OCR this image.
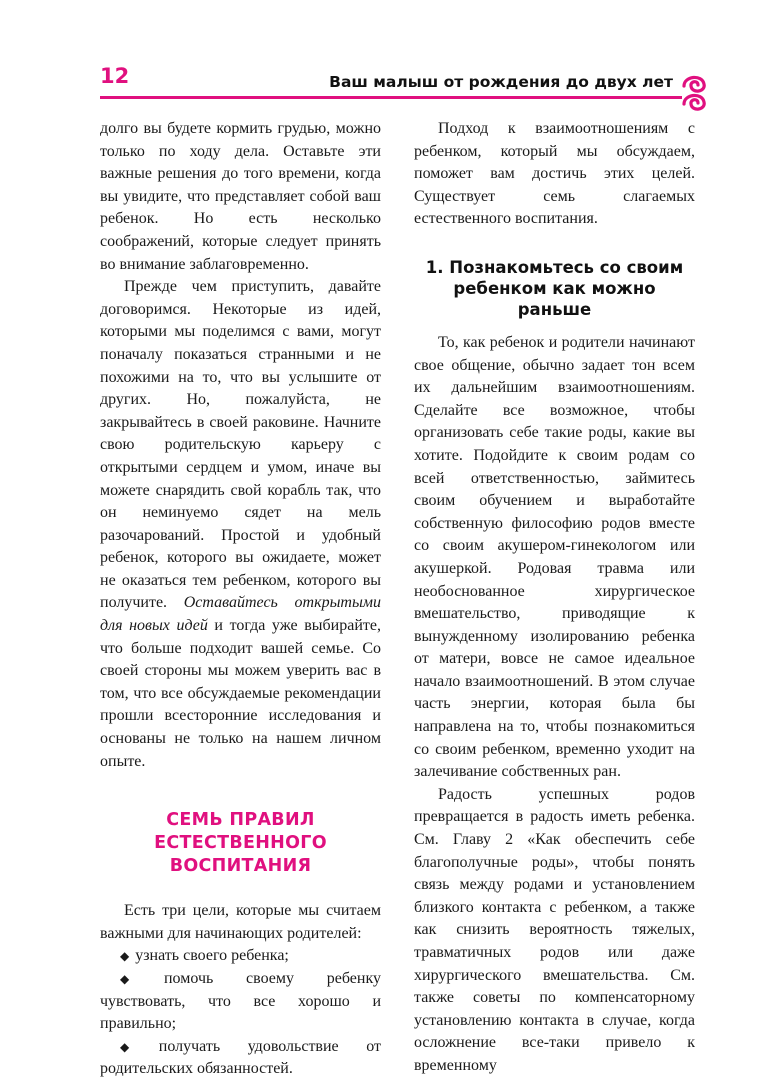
12	Ваш малыш от рождения до двух лет

долго вы будете кормить грудью, можно только по ходу дела. Оставьте эти важные решения до того времени, когда вы увидите, что представляет собой ваш ребенок. Но есть несколько соображений, которые следует принять во внимание заблаговременно.

Прежде чем приступить, давайте договоримся. Некоторые из идей, которыми мы поделимся с вами, могут поначалу показаться странными и не похожими на то, что вы услышите от других. Но, пожалуйста, не закрывайтесь в своей раковине. Начните свою родительскую карьеру с открытыми сердцем и умом, иначе вы можете снарядить свой корабль так, что он неминуемо сядет на мель разочарований. Простой и удобный ребенок, которого вы ожидаете, может не оказаться тем ребенком, которого вы получите. Оставайтесь открытыми для новых идей и тогда уже выбирайте, что больше подходит вашей семье. Со своей стороны мы можем уверить вас в том, что все обсуждаемые рекомендации прошли всесторонние исследования и основаны не только на нашем личном опыте.

СЕМЬ ПРАВИЛ
ЕСТЕСТВЕННОГО
ВОСПИТАНИЯ

Есть три цели, которые мы считаем важными для начинающих родителей:

◆ узнать своего ребенка;
◆ помочь своему ребенку чувствовать, что все хорошо и правильно;
◆ получать удовольствие от родительских обязанностей.

Подход к взаимоотношениям с ребенком, который мы обсуждаем, поможет вам достичь этих целей. Существует семь слагаемых естественного воспитания.

1. Познакомьтесь со своим
ребенком как можно
раньше

То, как ребенок и родители начинают свое общение, обычно задает тон всем их дальнейшим взаимоотношениям. Сделайте все возможное, чтобы организовать себе такие роды, какие вы хотите. Подойдите к своим родам со всей ответственностью, займитесь своим обучением и выработайте собственную философию родов вместе со своим акушером-гинекологом или акушеркой. Родовая травма или необоснованное хирургическое вмешательство, приводящие к вынужденному изолированию ребенка от матери, вовсе не самое идеальное начало взаимоотношений. В этом случае часть энергии, которая была бы направлена на то, чтобы познакомиться со своим ребенком, временно уходит на залечивание собственных ран.

Радость успешных родов превращается в радость иметь ребенка. См. Главу 2 «Как обеспечить себе благополучные роды», чтобы понять связь между родами и установлением близкого контакта с ребенком, а также как снизить вероятность тяжелых, травматичных родов или даже хирургического вмешательства. См. также советы по компенсаторному установлению контакта в случае, когда осложнение все-таки привело к временному
